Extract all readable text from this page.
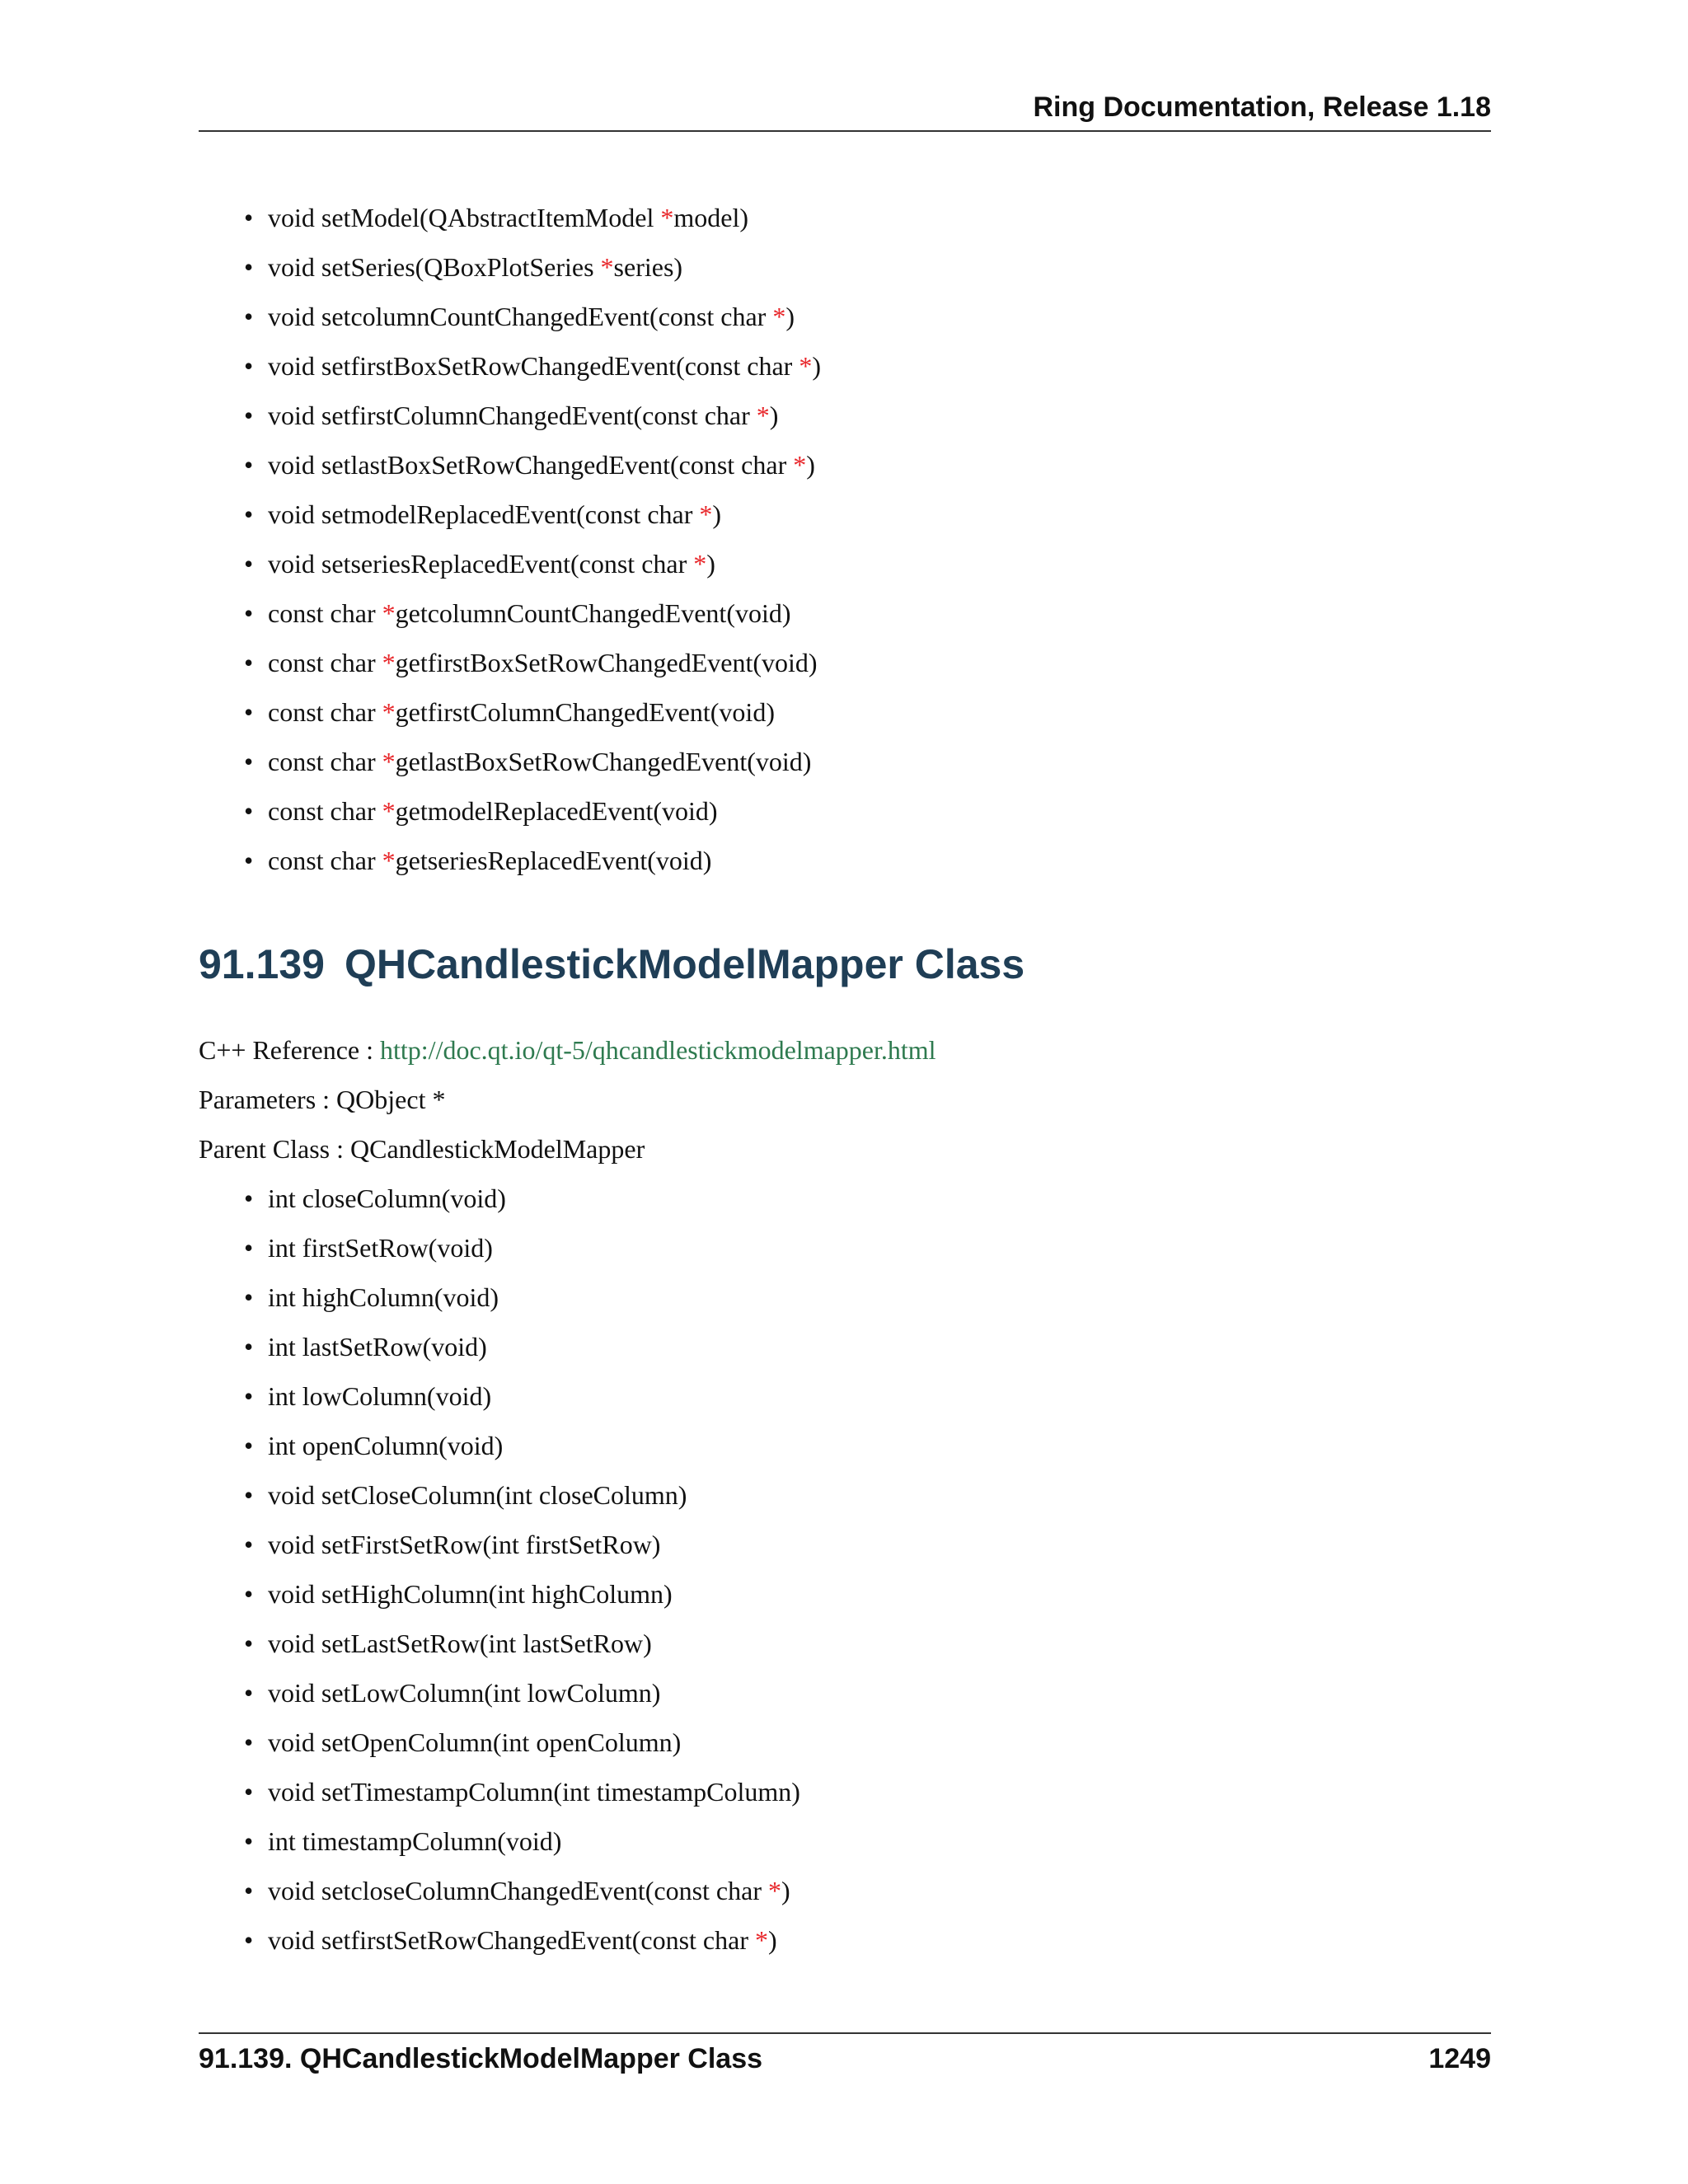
Ring Documentation, Release 1.18
• void setModel(QAbstractItemModel *model)
• void setSeries(QBoxPlotSeries *series)
• void setcolumnCountChangedEvent(const char *)
• void setfirstBoxSetRowChangedEvent(const char *)
• void setfirstColumnChangedEvent(const char *)
• void setlastBoxSetRowChangedEvent(const char *)
• void setmodelReplacedEvent(const char *)
• void setseriesReplacedEvent(const char *)
• const char *getcolumnCountChangedEvent(void)
• const char *getfirstBoxSetRowChangedEvent(void)
• const char *getfirstColumnChangedEvent(void)
• const char *getlastBoxSetRowChangedEvent(void)
• const char *getmodelReplacedEvent(void)
• const char *getseriesReplacedEvent(void)
91.139 QHCandlestickModelMapper Class

C++ Reference : http://doc.qt.io/qt-5/qhcandlestickmodelmapper.html

Parameters : QObject *

Parent Class : QCandlestickModelMapper

• int closeColumn(void)
• int firstSetRow(void)
• int highColumn(void)
• int lastSetRow(void)
• int lowColumn(void)
• int openColumn(void)
• void setCloseColumn(int closeColumn)
• void setFirstSetRow(int firstSetRow)
• void setHighColumn(int highColumn)
• void setLastSetRow(int lastSetRow)
• void setLowColumn(int lowColumn)
• void setOpenColumn(int openColumn)
• void setTimestampColumn(int timestampColumn)
• int timestampColumn(void)
• void setcloseColumnChangedEvent(const char *)
• void setfirstSetRowChangedEvent(const char *)
91.139. QHCandlestickModelMapper Class	1249
